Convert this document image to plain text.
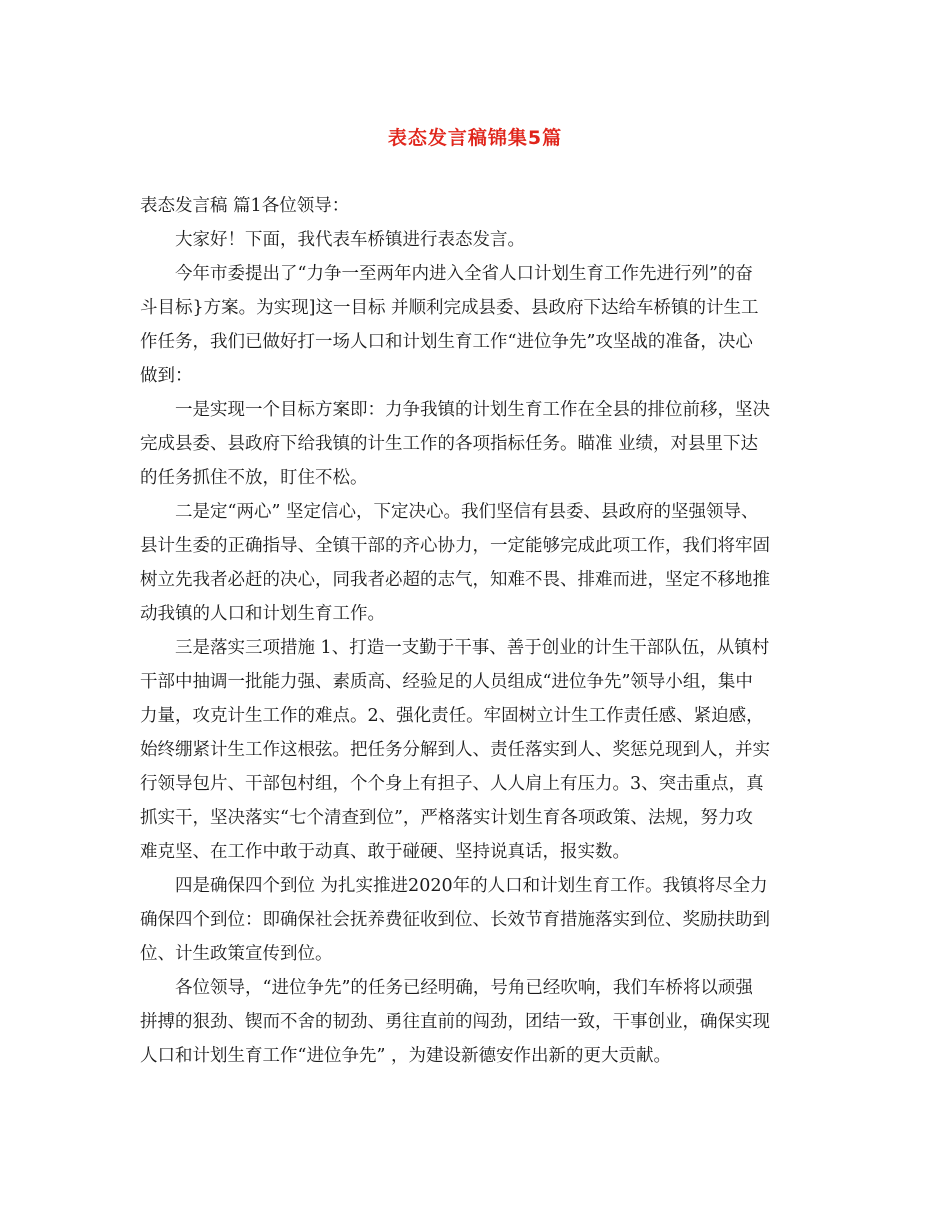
表态发言稿锦集5篇
表态发言稿 篇1各位领导：
　　大家好！下面，我代表车桥镇进行表态发言。
　　今年市委提出了“力争一至两年内进入全省人口计划生育工作先进行列”的奋
斗目标}方案。为实现]这一目标 并顺利完成县委、县政府下达给车桥镇的计生工
作任务，我们已做好打一场人口和计划生育工作“进位争先”攻坚战的准备，决心
做到：
　　一是实现一个目标方案即：力争我镇的计划生育工作在全县的排位前移，坚决
完成县委、县政府下给我镇的计生工作的各项指标任务。瞄准 业绩，对县里下达
的任务抓住不放，盯住不松。
　　二是定“两心” 坚定信心，下定决心。我们坚信有县委、县政府的坚强领导、
县计生委的正确指导、全镇干部的齐心协力，一定能够完成此项工作，我们将牢固
树立先我者必赶的决心，同我者必超的志气，知难不畏、排难而进，坚定不移地推
动我镇的人口和计划生育工作。
　　三是落实三项措施 1、打造一支勤于干事、善于创业的计生干部队伍，从镇村
干部中抽调一批能力强、素质高、经验足的人员组成“进位争先”领导小组，集中
力量，攻克计生工作的难点。2、强化责任。牢固树立计生工作责任感、紧迫感，
始终绷紧计生工作这根弦。把任务分解到人、责任落实到人、奖惩兑现到人，并实
行领导包片、干部包村组，个个身上有担子、人人肩上有压力。3、突击重点，真
抓实干，坚决落实“七个清查到位”，严格落实计划生育各项政策、法规，努力攻
难克坚、在工作中敢于动真、敢于碰硬、坚持说真话，报实数。
　　四是确保四个到位 为扎实推进2020年的人口和计划生育工作。我镇将尽全力
确保四个到位：即确保社会抚养费征收到位、长效节育措施落实到位、奖励扶助到
位、计生政策宣传到位。
　　各位领导，“进位争先”的任务已经明确，号角已经吹响，我们车桥将以顽强
拼搏的狠劲、锲而不舍的韧劲、勇往直前的闯劲，团结一致，干事创业，确保实现
人口和计划生育工作“进位争先” ，为建设新德安作出新的更大贡献。
